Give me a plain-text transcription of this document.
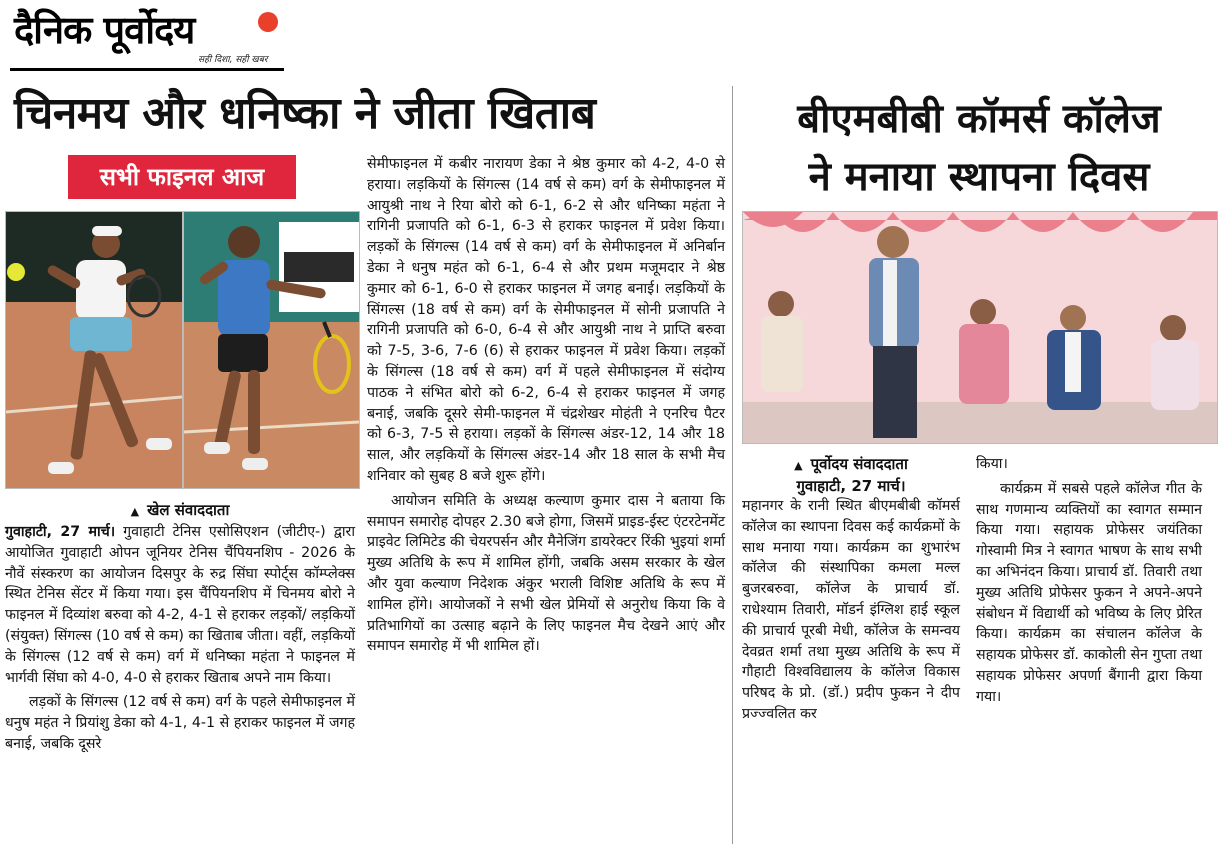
दैनिक पूर्वोदय
सही दिशा, सही खबर
चिनमय और धनिष्का ने जीता खिताब
सभी फाइनल आज
बीएमबीबी कॉमर्स कॉलेज
ने मनाया स्थापना दिवस
▲ खेल संवाददाता

गुवाहाटी, 27 मार्च। गुवाहाटी टेनिस एसोसिएशन (जीटीए-) द्वारा आयोजित गुवाहाटी ओपन जूनियर टेनिस चैंपियनशिप - 2026 के नौवें संस्करण का आयोजन दिसपुर के रुद्र सिंघा स्पोर्ट्स कॉम्प्लेक्स स्थित टेनिस सेंटर में किया गया। इस चैंपियनशिप में चिनमय बोरो ने फाइनल में दिव्यांश बरुवा को 4-2, 4-1 से हराकर लड़कों/ लड़कियों (संयुक्त) सिंगल्स (10 वर्ष से कम) का खिताब जीता। वहीं, लड़कियों के सिंगल्स (12 वर्ष से कम) वर्ग में धनिष्का महंता ने फाइनल में भार्गवी सिंघा को 4-0, 4-0 से हराकर खिताब अपने नाम किया।

लड़कों के सिंगल्स (12 वर्ष से कम) वर्ग के पहले सेमीफाइनल में धनुष महंत ने प्रियांशु डेका को 4-1, 4-1 से हराकर फाइनल में जगह बनाई, जबकि दूसरे

सेमीफाइनल में कबीर नारायण डेका ने श्रेष्ठ कुमार को 4-2, 4-0 से हराया। लड़कियों के सिंगल्स (14 वर्ष से कम) वर्ग के सेमीफाइनल में आयुश्री नाथ ने रिया बोरो को 6-1, 6-2 से और धनिष्का महंता ने रागिनी प्रजापति को 6-1, 6-3 से हराकर फाइनल में प्रवेश किया। लड़कों के सिंगल्स (14 वर्ष से कम) वर्ग के सेमीफाइनल में अनिर्बान डेका ने धनुष महंत को 6-1, 6-4 से और प्रथम मजूमदार ने श्रेष्ठ कुमार को 6-1, 6-0 से हराकर फाइनल में जगह बनाई। लड़कियों के सिंगल्स (18 वर्ष से कम) वर्ग के सेमीफाइनल में सोनी प्रजापति ने रागिनी प्रजापति को 6-0, 6-4 से और आयुश्री नाथ ने प्राप्ति बरुवा को 7-5, 3-6, 7-6 (6) से हराकर फाइनल में प्रवेश किया। लड़कों के सिंगल्स (18 वर्ष से कम) वर्ग में पहले सेमीफाइनल में संदोग्य पाठक ने संभित बोरो को 6-2, 6-4 से हराकर फाइनल में जगह बनाई, जबकि दूसरे सेमी-फाइनल में चंद्रशेखर मोहंती ने एनरिच पैटर को 6-3, 7-5 से हराया। लड़कों के सिंगल्स अंडर-12, 14 और 18 साल, और लड़कियों के सिंगल्स अंडर-14 और 18 साल के सभी मैच शनिवार को सुबह 8 बजे शुरू होंगे।

आयोजन समिति के अध्यक्ष कल्याण कुमार दास ने बताया कि समापन समारोह दोपहर 2.30 बजे होगा, जिसमें प्राइड-ईस्ट एंटरटेनमेंट प्राइवेट लिमिटेड की चेयरपर्सन और मैनेजिंग डायरेक्टर रिंकी भुइयां शर्मा मुख्य अतिथि के रूप में शामिल होंगी, जबकि असम सरकार के खेल और युवा कल्याण निदेशक अंकुर भराली विशिष्ट अतिथि के रूप में शामिल होंगे। आयोजकों ने सभी खेल प्रेमियों से अनुरोध किया कि वे प्रतिभागियों का उत्साह बढ़ाने के लिए फाइनल मैच देखने आएं और समापन समारोह में भी शामिल हों।

▲ पूर्वोदय संवाददाता
गुवाहाटी, 27 मार्च।

महानगर के रानी स्थित बीएमबीबी कॉमर्स कॉलेज का स्थापना दिवस कई कार्यक्रमों के साथ मनाया गया। कार्यक्रम का शुभारंभ कॉलेज की संस्थापिका कमला मल्ल बुजरबरुवा, कॉलेज के प्राचार्य डॉ. राधेश्याम तिवारी, मॉडर्न इंग्लिश हाई स्कूल की प्राचार्य पूरबी मेधी, कॉलेज के समन्वय देवव्रत शर्मा तथा मुख्य अतिथि के रूप में गौहाटी विश्वविद्यालय के कॉलेज विकास परिषद के प्रो. (डॉ.) प्रदीप फुकन ने दीप प्रज्ज्वलित कर

किया।

कार्यक्रम में सबसे पहले कॉलेज गीत के साथ गणमान्य व्यक्तियों का स्वागत सम्मान किया गया। सहायक प्रोफेसर जयंतिका गोस्वामी मित्र ने स्वागत भाषण के साथ सभी का अभिनंदन किया। प्राचार्य डॉ. तिवारी तथा मुख्य अतिथि प्रोफेसर फुकन ने अपने-अपने संबोधन में विद्यार्थी को भविष्य के लिए प्रेरित किया। कार्यक्रम का संचालन कॉलेज के सहायक प्रोफेसर डॉ. काकोली सेन गुप्ता तथा सहायक प्रोफेसर अपर्णा बैंगानी द्वारा किया गया।
